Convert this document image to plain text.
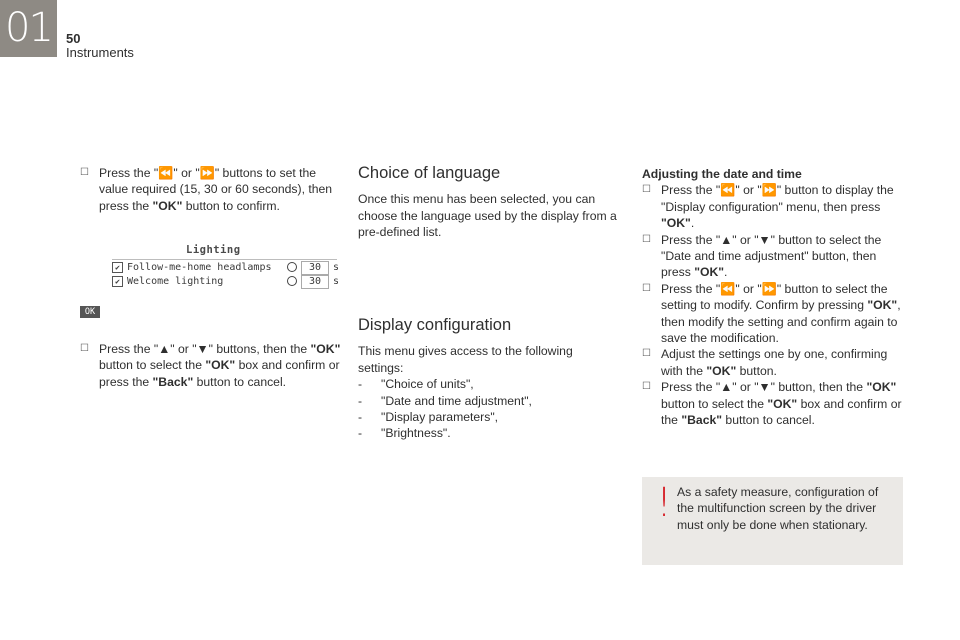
01	50
Instruments
☐ Press the "⏪" or "⏩" buttons to set the value required (15, 30 or 60 seconds), then press the "OK" button to confirm.
Lighting
✔ Follow-me-home headlamps	30	s
✔ Welcome lighting	30	s
OK
☐ Press the "▲" or "▼" buttons, then the "OK" button to select the "OK" box and confirm or press the "Back" button to cancel.
Choice of language
Once this menu has been selected, you can choose the language used by the display from a pre-defined list.
Display configuration
This menu gives access to the following settings:
- "Choice of units",
- "Date and time adjustment",
- "Display parameters",
- "Brightness".
Adjusting the date and time
☐ Press the "⏪" or "⏩" button to display the "Display configuration" menu, then press "OK".
☐ Press the "▲" or "▼" button to select the "Date and time adjustment" button, then press "OK".
☐ Press the "⏪" or "⏩" button to select the setting to modify. Confirm by pressing "OK", then modify the setting and confirm again to save the modification.
☐ Adjust the settings one by one, confirming with the "OK" button.
☐ Press the "▲" or "▼" button, then the "OK" button to select the "OK" box and confirm or the "Back" button to cancel.
! As a safety measure, configuration of the multifunction screen by the driver must only be done when stationary.
